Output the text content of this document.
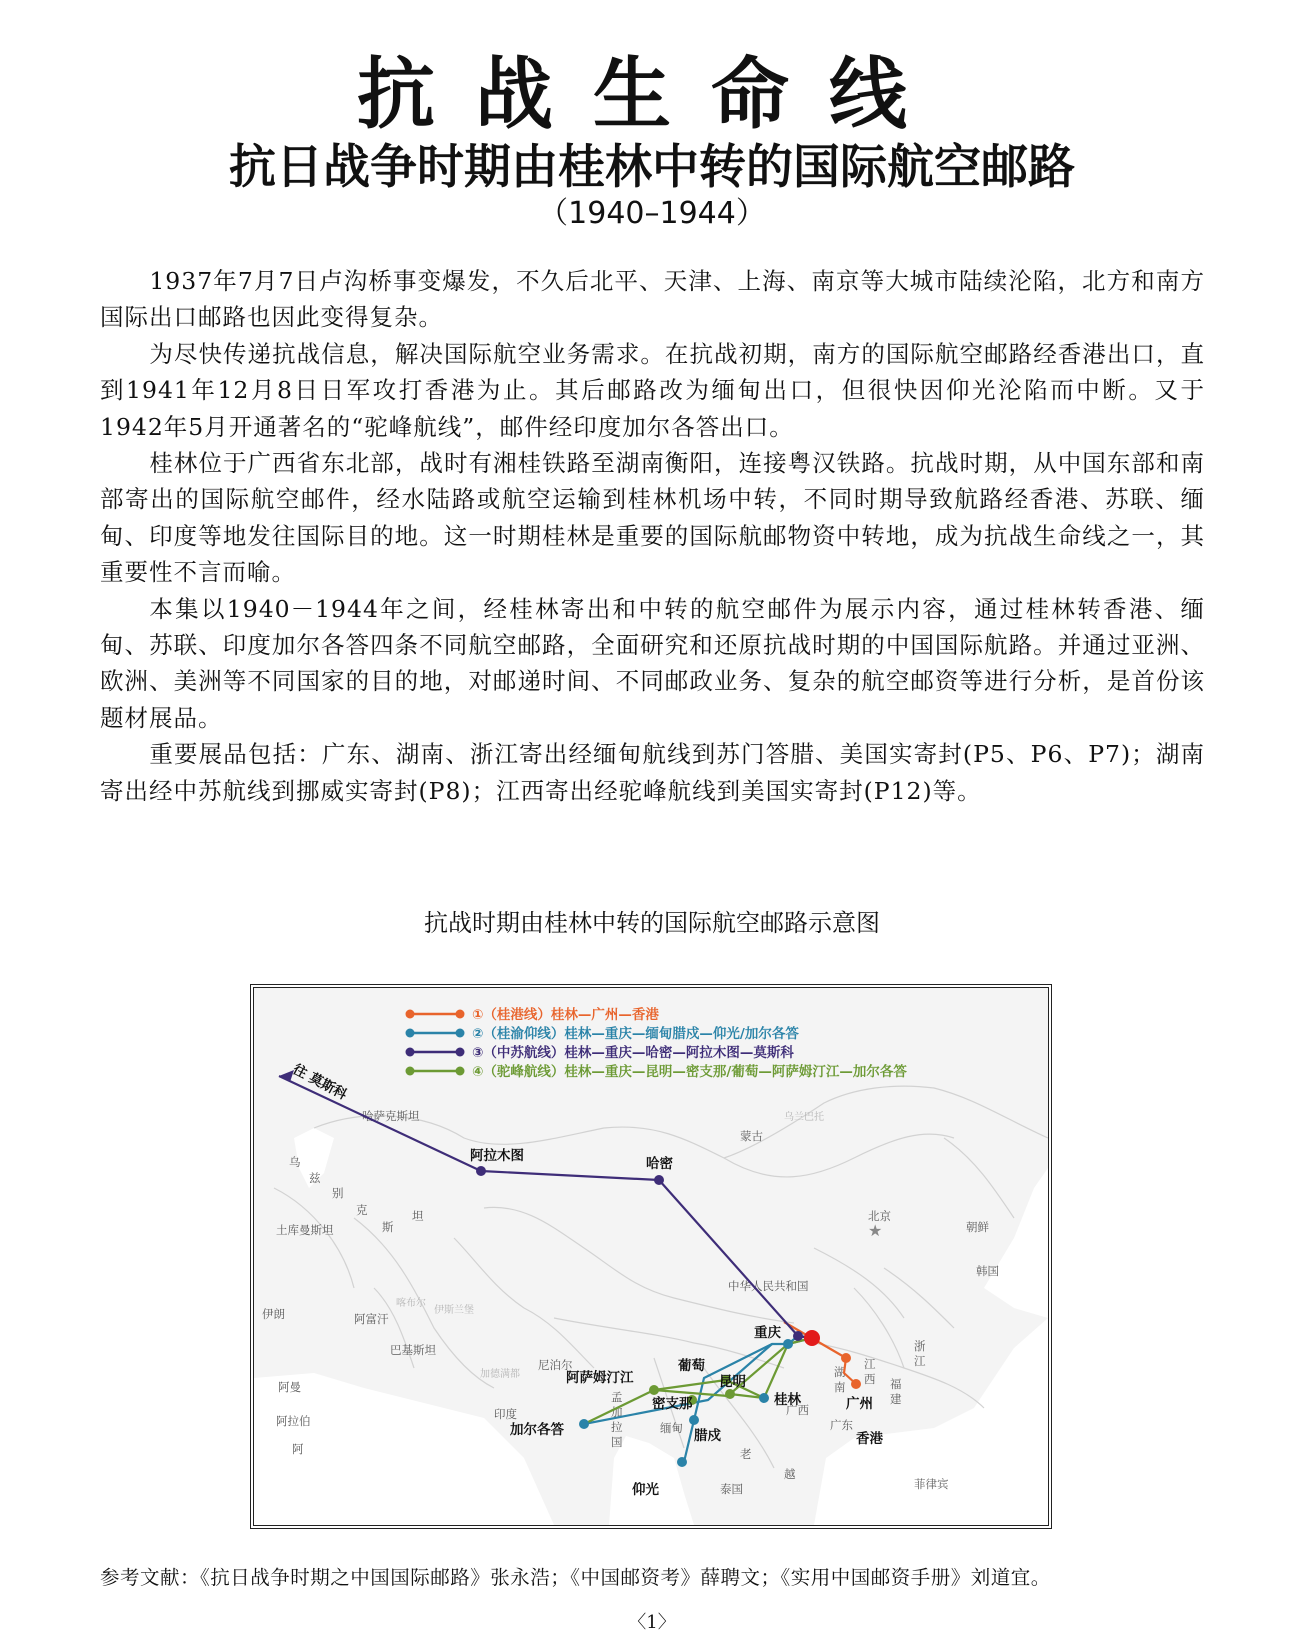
抗战生命线
抗日战争时期由桂林中转的国际航空邮路
（1940–1944）

1937年7月7日卢沟桥事变爆发，不久后北平、天津、上海、南京等大城市陆续沦陷，北方和南方国际出口邮路也因此变得复杂。

为尽快传递抗战信息，解决国际航空业务需求。在抗战初期，南方的国际航空邮路经香港出口，直到1941年12月8日日军攻打香港为止。其后邮路改为缅甸出口，但很快因仰光沦陷而中断。又于1942年5月开通著名的“驼峰航线”，邮件经印度加尔各答出口。

桂林位于广西省东北部，战时有湘桂铁路至湖南衡阳，连接粤汉铁路。抗战时期，从中国东部和南部寄出的国际航空邮件，经水陆路或航空运输到桂林机场中转，不同时期导致航路经香港、苏联、缅甸、印度等地发往国际目的地。这一时期桂林是重要的国际航邮物资中转地，成为抗战生命线之一，其重要性不言而喻。

本集以1940－1944年之间，经桂林寄出和中转的航空邮件为展示内容，通过桂林转香港、缅甸、苏联、印度加尔各答四条不同航空邮路，全面研究和还原抗战时期的中国国际航路。并通过亚洲、欧洲、美洲等不同国家的目的地，对邮递时间、不同邮政业务、复杂的航空邮资等进行分析，是首份该题材展品。

重要展品包括：广东、湖南、浙江寄出经缅甸航线到苏门答腊、美国实寄封(P5、P6、P7)；湖南寄出经中苏航线到挪威实寄封(P8)；江西寄出经驼峰航线到美国实寄封(P12)等。

抗战时期由桂林中转的国际航空邮路示意图
哈萨克斯坦
蒙古
乌兰巴托
乌
兹
别
克
斯
坦
土库曼斯坦
伊朗	阿富汗
喀布尔
巴基斯坦
伊斯兰堡
尼泊尔
加德满都
印度
中华人民共和国
北京
朝鲜
韩国
阿曼
阿拉伯
阿
缅甸
泰国	菲律宾
广西
广东
湖
南
江
西 福
建
浙
江
孟
加
拉
国
老
越
★
①（桂港线）桂林—广州—香港
②（桂渝仰线）桂林—重庆—缅甸腊戍—仰光/加尔各答
③（中苏航线）桂林—重庆—哈密—阿拉木图—莫斯科
④（驼峰航线）桂林—重庆—昆明—密支那/葡萄—阿萨姆汀江—加尔各答
往 莫斯科
阿拉木图	哈密
重庆
桂林	广州
香港
昆明
葡萄
密支那
阿萨姆汀江
加尔各答	腊戍
仰光
参考文献：《抗日战争时期之中国国际邮路》张永浩；《中国邮资考》薛聘文；《实用中国邮资手册》刘道宜。
〈1〉
